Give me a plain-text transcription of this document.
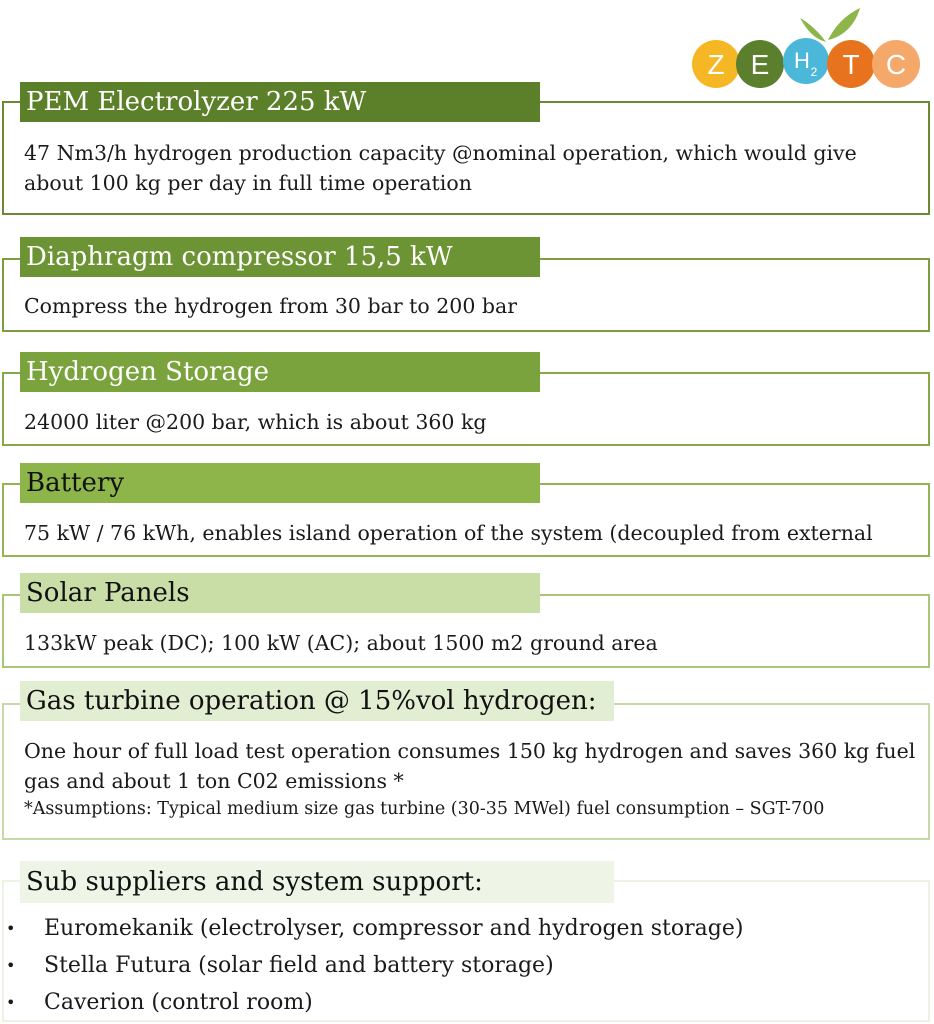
Z E H 2 T C
PEM Electrolyzer 225 kW
47 Nm3/h hydrogen production capacity @nominal operation, which would give about 100 kg per day in full time operation
Diaphragm compressor 15,5 kW
Compress the hydrogen from 30 bar to 200 bar
Hydrogen Storage
24000 liter @200 bar, which is about 360 kg
Battery
75 kW / 76 kWh, enables island operation of the system (decoupled from external
Solar Panels
133kW peak (DC); 100 kW (AC); about 1500 m2 ground area
Gas turbine operation @ 15%vol hydrogen:
One hour of full load test operation consumes 150 kg hydrogen and saves 360 kg fuel gas and about 1 ton C02 emissions *
*Assumptions: Typical medium size gas turbine (30-35 MWel) fuel consumption – SGT-700
Sub suppliers and system support:
• Euromekanik (electrolyser, compressor and hydrogen storage)
• Stella Futura (solar field and battery storage)
• Caverion (control room)
